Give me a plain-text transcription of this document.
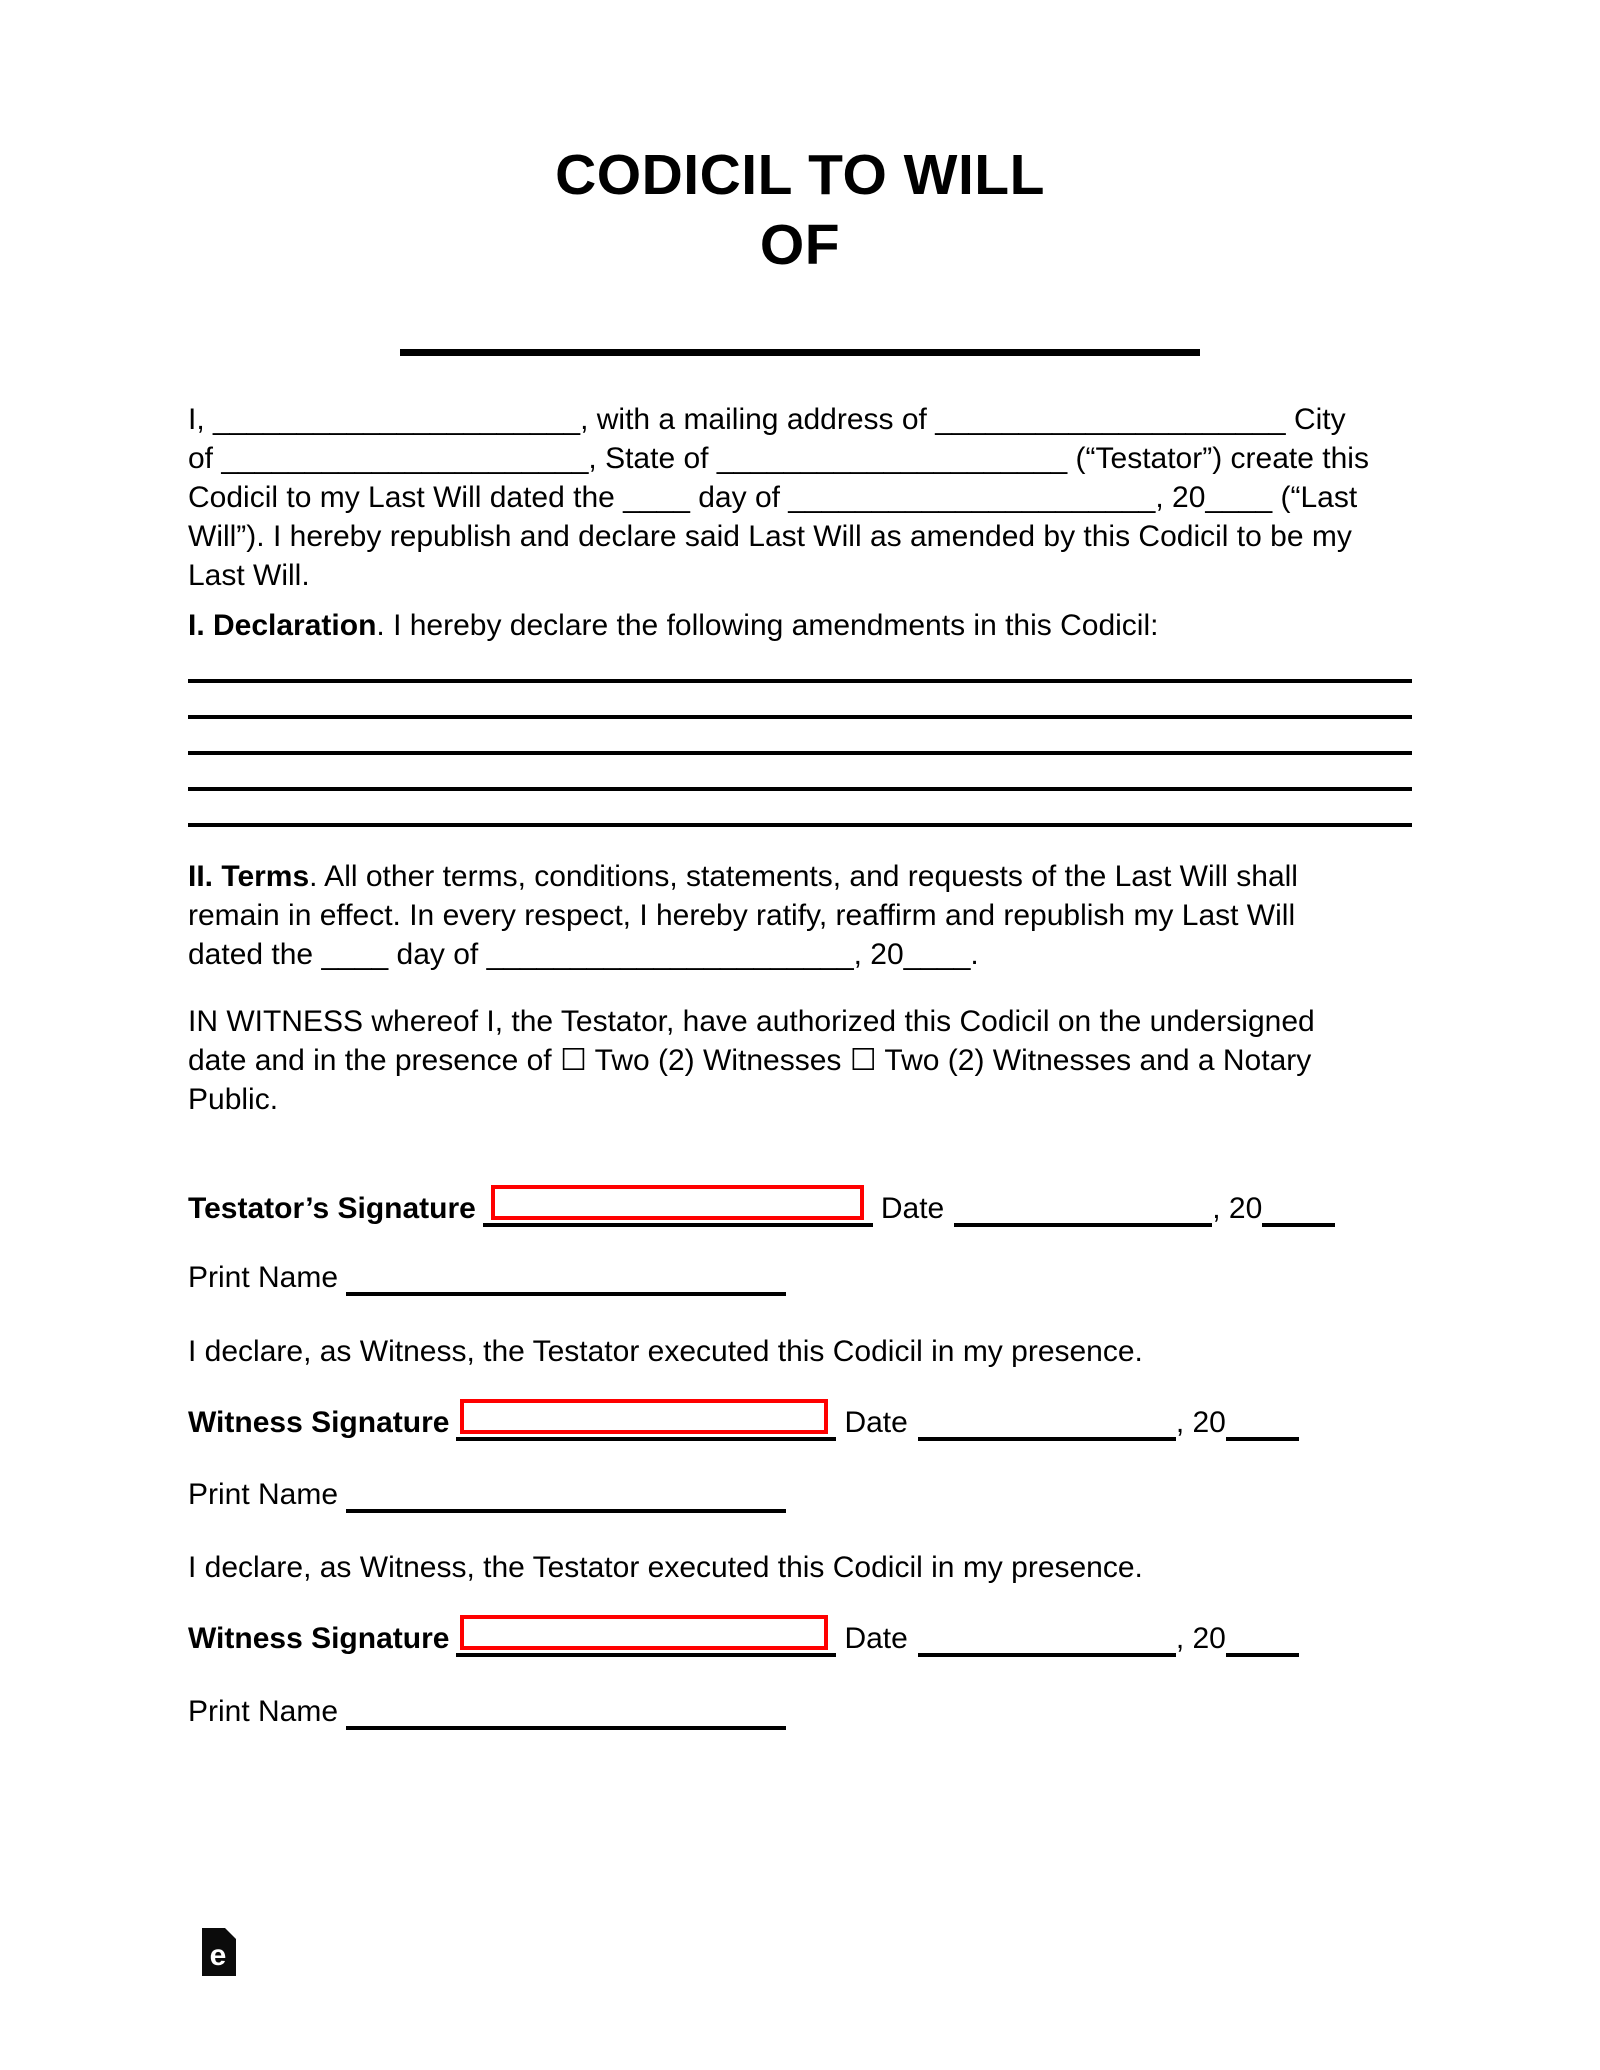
CODICIL TO WILL
OF

I, ______________________, with a mailing address of _____________________ City
of ______________________, State of _____________________ (“Testator”) create this
Codicil to my Last Will dated the ____ day of ______________________, 20____ (“Last
Will”). I hereby republish and declare said Last Will as amended by this Codicil to be my
Last Will.

I. Declaration. I hereby declare the following amendments in this Codicil:

II. Terms. All other terms, conditions, statements, and requests of the Last Will shall
remain in effect. In every respect, I hereby ratify, reaffirm and republish my Last Will
dated the ____ day of ______________________, 20____.

IN WITNESS whereof I, the Testator, have authorized this Codicil on the undersigned
date and in the presence of ☐ Two (2) Witnesses ☐ Two (2) Witnesses and a Notary
Public.

Testator’s Signature	Date	, 20
Print Name

I declare, as Witness, the Testator executed this Codicil in my presence.

Witness Signature	Date	, 20
Print Name

I declare, as Witness, the Testator executed this Codicil in my presence.

Witness Signature	Date	, 20
Print Name
e
